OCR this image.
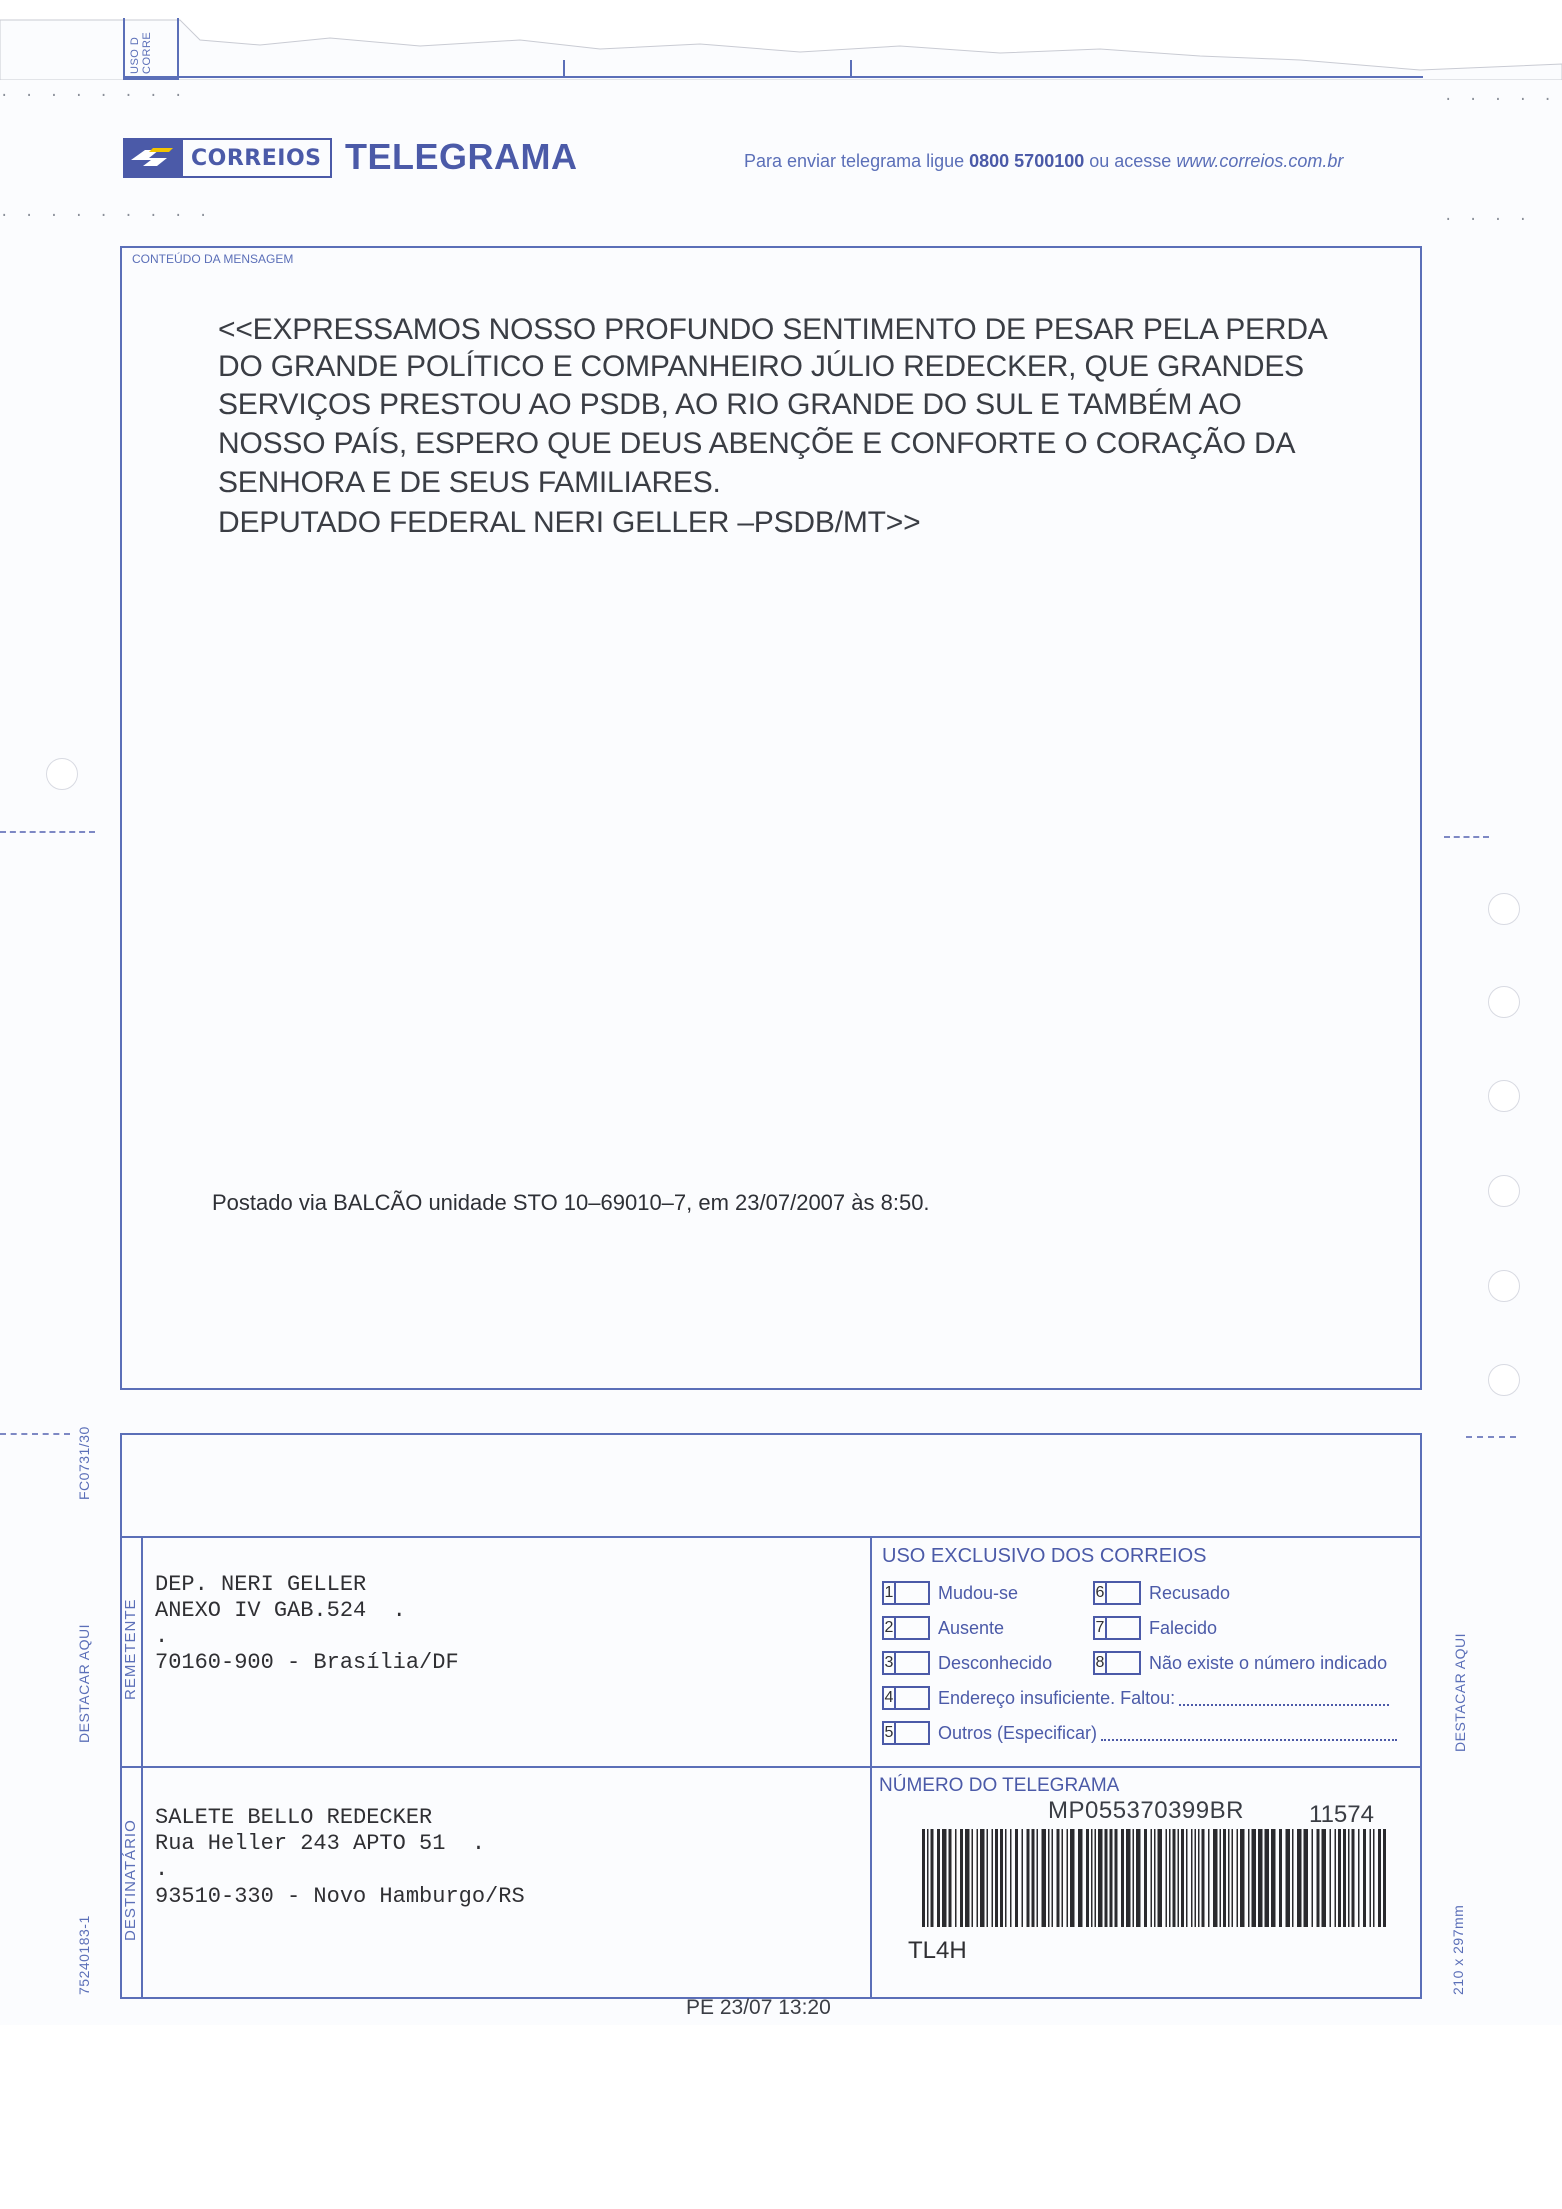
USO D CORRE
· · · · · · · ·
· · · · · · · · ·
· · · · ·
· · · ·
CORREIOS TELEGRAMA	Para enviar telegrama ligue 0800 5700100 ou acesse www.correios.com.br
CONTEÚDO DA MENSAGEM
<<EXPRESSAMOS NOSSO PROFUNDO SENTIMENTO DE PESAR PELA PERDA
DO GRANDE POLÍTICO E COMPANHEIRO JÚLIO REDECKER, QUE GRANDES
SERVIÇOS PRESTOU AO PSDB, AO RIO GRANDE DO SUL E TAMBÉM AO
NOSSO PAÍS, ESPERO QUE DEUS ABENÇÕE E CONFORTE O CORAÇÃO DA
SENHORA E DE SEUS FAMILIARES.
DEPUTADO FEDERAL NERI GELLER –PSDB/MT>>
Postado via BALCÃO unidade STO 10–69010–7, em 23/07/2007 às 8:50.
FC0731/30
DESTACAR AQUI
75240183-1
DESTACAR AQUI
210 x 297mm
REMETENTE
DESTINATÁRIO
DEP. NERI GELLER
ANEXO IV GAB.524  .
.
70160-900 - Brasília/DF
SALETE BELLO REDECKER
Rua Heller 243 APTO 51  .
.
93510-330 - Novo Hamburgo/RS
USO EXCLUSIVO DOS CORREIOS
1 Mudou-se	6 Recusado
2 Ausente	7 Falecido
3 Desconhecido	8 Não existe o número indicado
4 Endereço insuficiente. Faltou:
5 Outros (Especificar)
NÚMERO DO TELEGRAMA
MP055370399BR	11574
TL4H
PE 23/07 13:20
